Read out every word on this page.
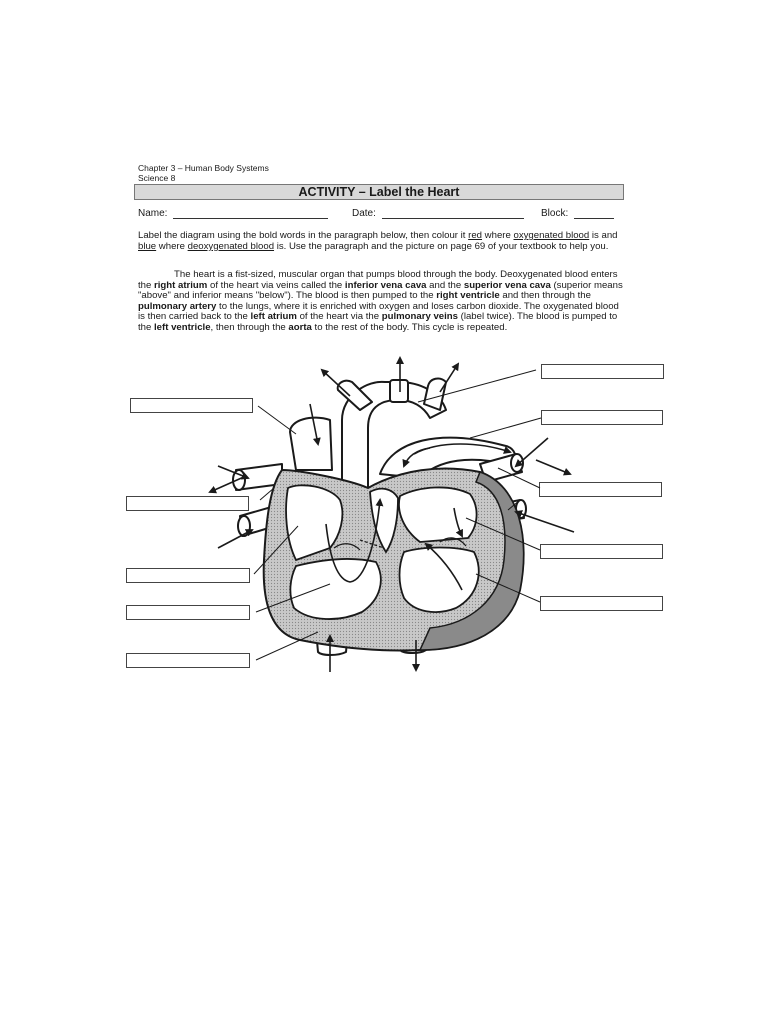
Chapter 3 – Human Body Systems
Science 8
ACTIVITY – Label the Heart
Name:	Date:	Block:
Label the diagram using the bold words in the paragraph below, then colour it red where oxygenated blood is and blue where deoxygenated blood is. Use the paragraph and the picture on page 69 of your textbook to help you.
The heart is a fist-sized, muscular organ that pumps blood through the body. Deoxygenated blood enters the right atrium of the heart via veins called the inferior vena cava and the superior vena cava (superior means "above" and inferior means "below"). The blood is then pumped to the right ventricle and then through the pulmonary artery to the lungs, where it is enriched with oxygen and loses carbon dioxide. The oxygenated blood is then carried back to the left atrium of the heart via the pulmonary veins (label twice). The blood is pumped to the left ventricle, then through the aorta to the rest of the body. This cycle is repeated.
